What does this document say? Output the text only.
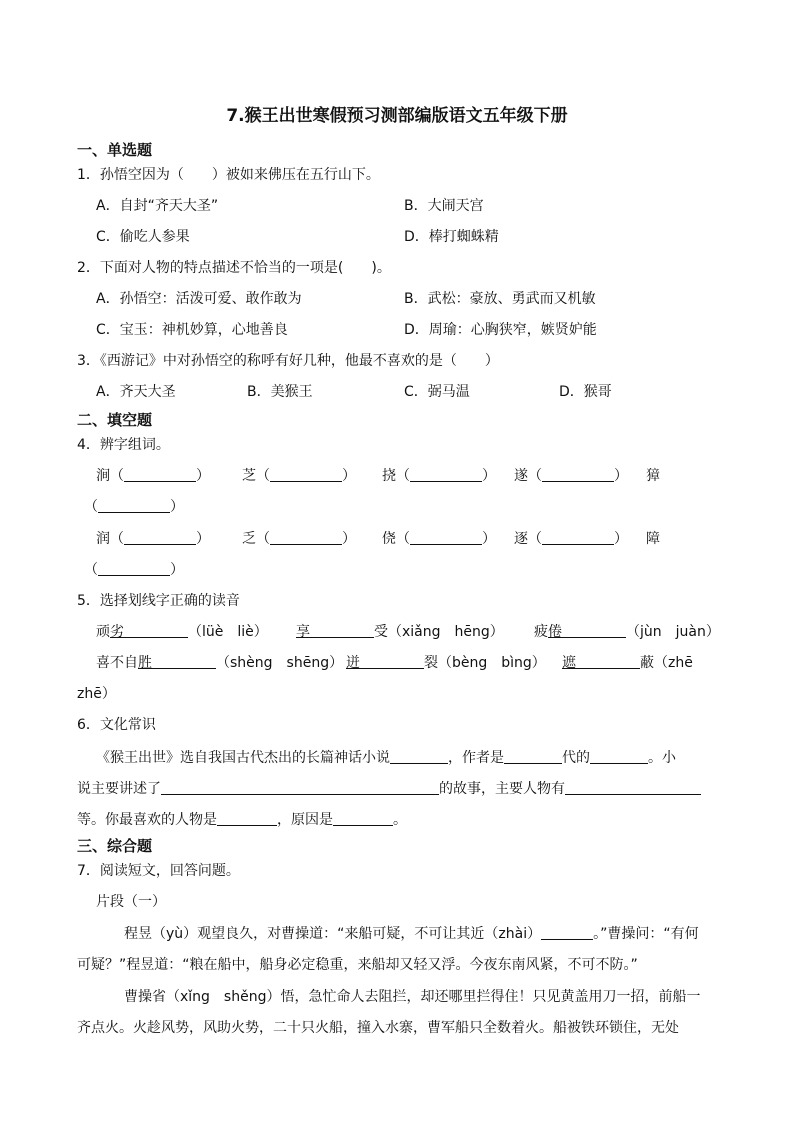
7.猴王出世寒假预习测部编版语文五年级下册
一、单选题
1．孙悟空因为（　　）被如来佛压在五行山下。
A．自封“齐天大圣”	B．大闹天宫
C．偷吃人参果	D．棒打蜘蛛精
2．下面对人物的特点描述不恰当的一项是(　　)。
A．孙悟空：活泼可爱、敢作敢为	B．武松：豪放、勇武而又机敏
C．宝玉：神机妙算，心地善良	D．周瑜：心胸狭窄，嫉贤妒能
3．《西游记》中对孙悟空的称呼有好几种，他最不喜欢的是（　　）
A．齐天大圣	B．美猴王	C．弼马温	D．猴哥
二、填空题
4．辨字组词。
涧（	） 芝（	） 挠（	） 遂（	） 獐
（	）
润（	） 乏（	） 侥（	） 逐（	） 障
（	）
5．选择划线字正确的读音
顽劣	（lüè　liè） 享	受（xiǎng　hēng） 疲倦	（jùn　juàn）
喜不自胜	（shèng　shēng） 迸	裂（bèng　bìng） 遮	蔽（zhē
zhē）
6．文化常识
《猴王出世》选自我国古代杰出的长篇神话小说	，作者是	代的	。小
说主要讲述了	的故事，主要人物有
等。你最喜欢的人物是	，原因是	。
三、综合题
7．阅读短文，回答问题。
片段（一）
程昱（yù）观望良久，对曹操道：“来船可疑，不可让其近（zhài）	。”曹操问：“有何
可疑？”程昱道：“粮在船中，船身必定稳重，来船却又轻又浮。今夜东南风紧，不可不防。”
曹操省（xǐng　shěng）悟，急忙命人去阻拦，却还哪里拦得住！只见黄盖用刀一招，前船一
齐点火。火趁风势，风助火势，二十只火船，撞入水寨，曹军船只全数着火。船被铁环锁住，无处
